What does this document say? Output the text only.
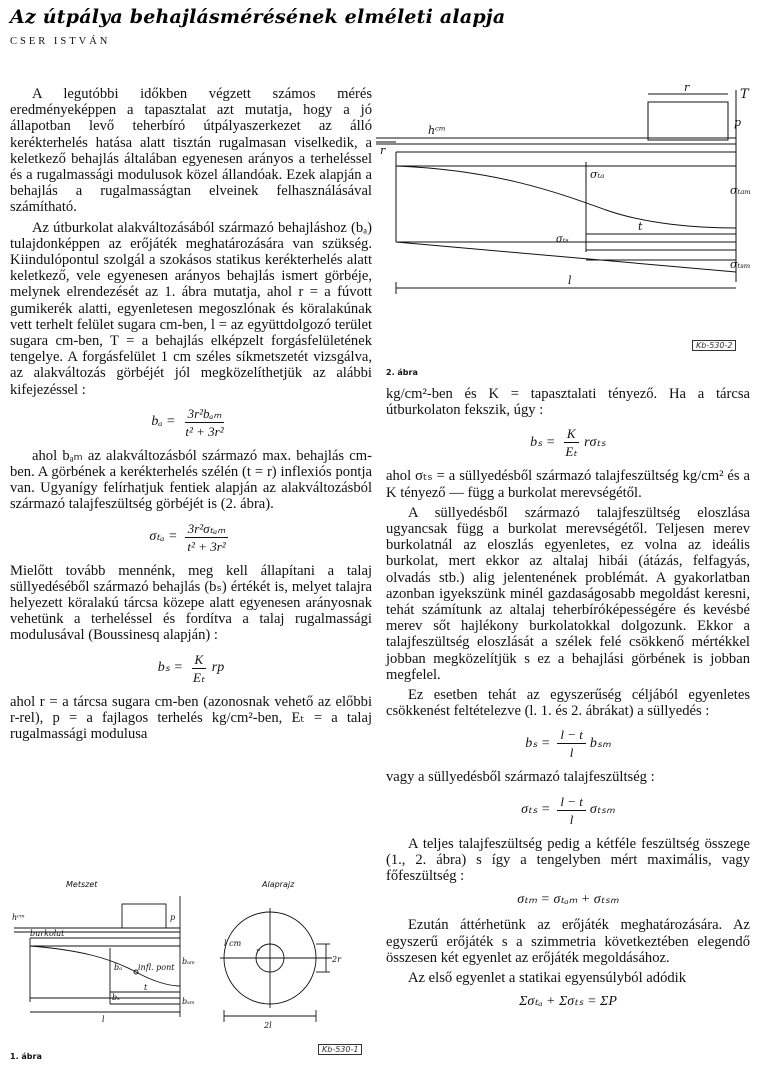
Az útpálya behajlásmérésének elméleti alapja
CSER ISTVÁN

A legutóbbi időkben végzett számos mérés eredményeképpen a tapasztalat azt mutatja, hogy a jó állapotban levő teherbíró útpályaszerkezet az álló kerékterhelés hatása alatt tisztán rugalmasan viselkedik, a keletkező behajlás általában egyenesen arányos a terheléssel és a rugalmassági modulusok közel állandóak. Ezek alapján a behajlás a rugalmasságtan elveinek felhasználásával számítható.

Az útburkolat alakváltozásából származó behajláshoz (bₐ) tulajdonképpen az erőjáték meghatározására van szükség. Kiindulópontul szolgál a szokásos statikus kerékterhelés alatt keletkező, vele egyenesen arányos behajlás ismert görbéje, melynek elrendezését az 1. ábra mutatja, ahol r = a fúvott gumikerék alatti, egyenletesen megoszlónak és köralakúnak vett terhelt felület sugara cm-ben, l = az együttdolgozó terület sugara cm-ben, T = a behajlás elképzelt forgásfelületének tengelye. A forgásfelület 1 cm széles síkmetszetét vizsgálva, az alakváltozás görbéjét jól megközelíthetjük az alábbi kifejezéssel :

$b_a = \frac{\text{3r²bₐₘ}}{\text{t² + 3r²}}$

ahol bₐₘ az alakváltozásból származó max. behajlás cm-ben. A görbének a kerékterhelés szélén (t = r) inflexiós pontja van. Ugyanígy felírhatjuk fentiek alapján az alakváltozásból származó talajfeszültség görbéjét is (2. ábra).

$\sigma_{ta} = \frac{\text{3r²σₜₐₘ}}{\text{t² + 3r²}}$

Mielőtt tovább mennénk, meg kell állapítani a talaj süllyedéséből származó behajlás (bₛ) értékét is, melyet talajra helyezett köralakú tárcsa közepe alatt egyenesen arányosnak vehetünk a terheléssel és fordítva a talaj rugalmassági modulusával (Boussinesq alapján) :

$b_s = \frac{K}{\text{Eₜ}}$ rp

ahol r = a tárcsa sugara cm-ben (azonosnak vehető az előbbi r-rel), p = a fajlagos terhelés kg/cm²-ben, Eₜ = a talaj rugalmassági modulusa

kg/cm²-ben és K = tapasztalati tényező. Ha a tárcsa útburkolaton fekszik, úgy :

$b_s = \frac{K}{\text{Eₜ}}$ rσₜₛ

ahol σₜₛ = a süllyedésből származó talajfeszültség kg/cm² és a K tényező — függ a burkolat merevségétől.

A süllyedésből származó talajfeszültség eloszlása ugyancsak függ a burkolat merevségétől. Teljesen merev burkolatnál az eloszlás egyenletes, ez volna az ideális burkolat, mert ekkor az altalaj hibái (átázás, felfagyás, olvadás stb.) alig jelentenének problémát. A gyakorlatban azonban igyekszünk minél gazdaságosabb megoldást keresni, tehát számítunk az altalaj teherbíróképességére és kevésbé merev sőt hajlékony burkolatokkal dolgozunk. Ekkor a talajfeszültség eloszlását a szélek felé csökkenő mértékkel jobban megközelítjük s ez a behajlási görbének is jobban megfelel.

Ez esetben tehát az egyszerűség céljából egyenletes csökkenést feltételezve (l. 1. és 2. ábrákat) a süllyedés :

$b_s = \frac{l - t}{l}$ bₛₘ

vagy a süllyedésből származó talajfeszültség :

$\sigma_{ts} = \frac{l - t}{l}$ σₜₛₘ

A teljes talajfeszültség pedig a kétféle feszültség összege (1., 2. ábra) s így a tengelyben mért maximális, vagy főfeszültség :

σₜₘ = σₜₐₘ + σₜₛₘ

Ezután áttérhetünk az erőjáték meghatározására. Az egyszerű erőjáték s a szimmetria következtében elegendő összesen két egyenlet az erőjáték megoldásához.

Az első egyenlet a statikai egyensúlyból adódik

Σσₜₐ + Σσₜₛ = ΣP
r	T
p
hᶜᵐ
r
σₜₐ
σₜₐₘ
t
σₜₛ
σₜₛₘ
l
2. ábra
Kb-530-2
Metszet	Alaprajz
hᶜᵐ
burkolat
p
bₐ infl. pont
bₐₘ
bₛ	bₛₘ
t
l
l cm
r
2r
2l
1. ábra
Kb-530-1
